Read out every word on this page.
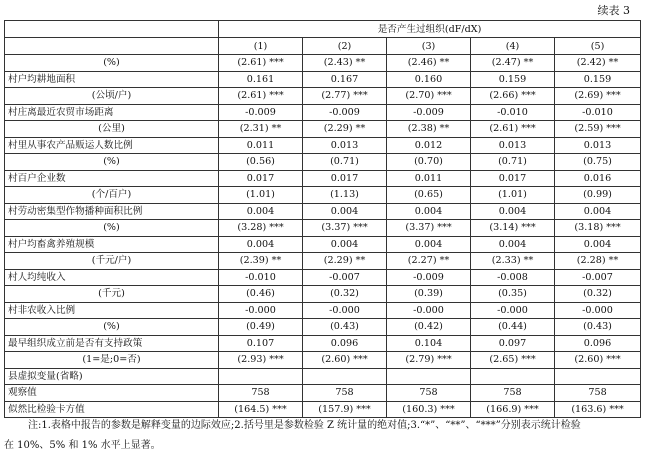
续表 3
	是否产生过组织(dF/dX)				
	(1)	(2)	(3)	(4)	(5)
(%)	(2.61) ***	(2.43) **	(2.46) **	(2.47) **	(2.42) **
村户均耕地面积	0.161	0.167	0.160	0.159	0.159
(公顷/户)	(2.61) ***	(2.77) ***	(2.70) ***	(2.66) ***	(2.69) ***
村庄离最近农贸市场距离	-0.009	-0.009	-0.009	-0.010	-0.010
(公里)	(2.31) **	(2.29) **	(2.38) **	(2.61) ***	(2.59) ***
村里从事农产品贩运人数比例	0.011	0.013	0.012	0.013	0.013
(%)	(0.56)	(0.71)	(0.70)	(0.71)	(0.75)
村百户企业数	0.017	0.017	0.011	0.017	0.016
(个/百户)	(1.01)	(1.13)	(0.65)	(1.01)	(0.99)
村劳动密集型作物播种面积比例	0.004	0.004	0.004	0.004	0.004
(%)	(3.28) ***	(3.37) ***	(3.37) ***	(3.14) ***	(3.18) ***
村户均畜禽养殖规模	0.004	0.004	0.004	0.004	0.004
(千元/户)	(2.39) **	(2.29) **	(2.27) **	(2.33) **	(2.28) **
村人均纯收入	-0.010	-0.007	-0.009	-0.008	-0.007
(千元)	(0.46)	(0.32)	(0.39)	(0.35)	(0.32)
村非农收入比例	-0.000	-0.000	-0.000	-0.000	-0.000
(%)	(0.49)	(0.43)	(0.42)	(0.44)	(0.43)
最早组织成立前是否有支持政策	0.107	0.096	0.104	0.097	0.096
(1=是;0=否)	(2.93) ***	(2.60) ***	(2.79) ***	(2.65) ***	(2.60) ***
县虚拟变量(省略)					
观察值	758	758	758	758	758
似然比检验卡方值	(164.5) ***	(157.9) ***	(160.3) ***	(166.9) ***	(163.6) ***

注:1.表格中报告的参数是解释变量的边际效应;2.括号里是参数检验 Z 统计量的绝对值;3.“*”、“**”、“***”分别表示统计检验

在 10%、5% 和 1% 水平上显著。
